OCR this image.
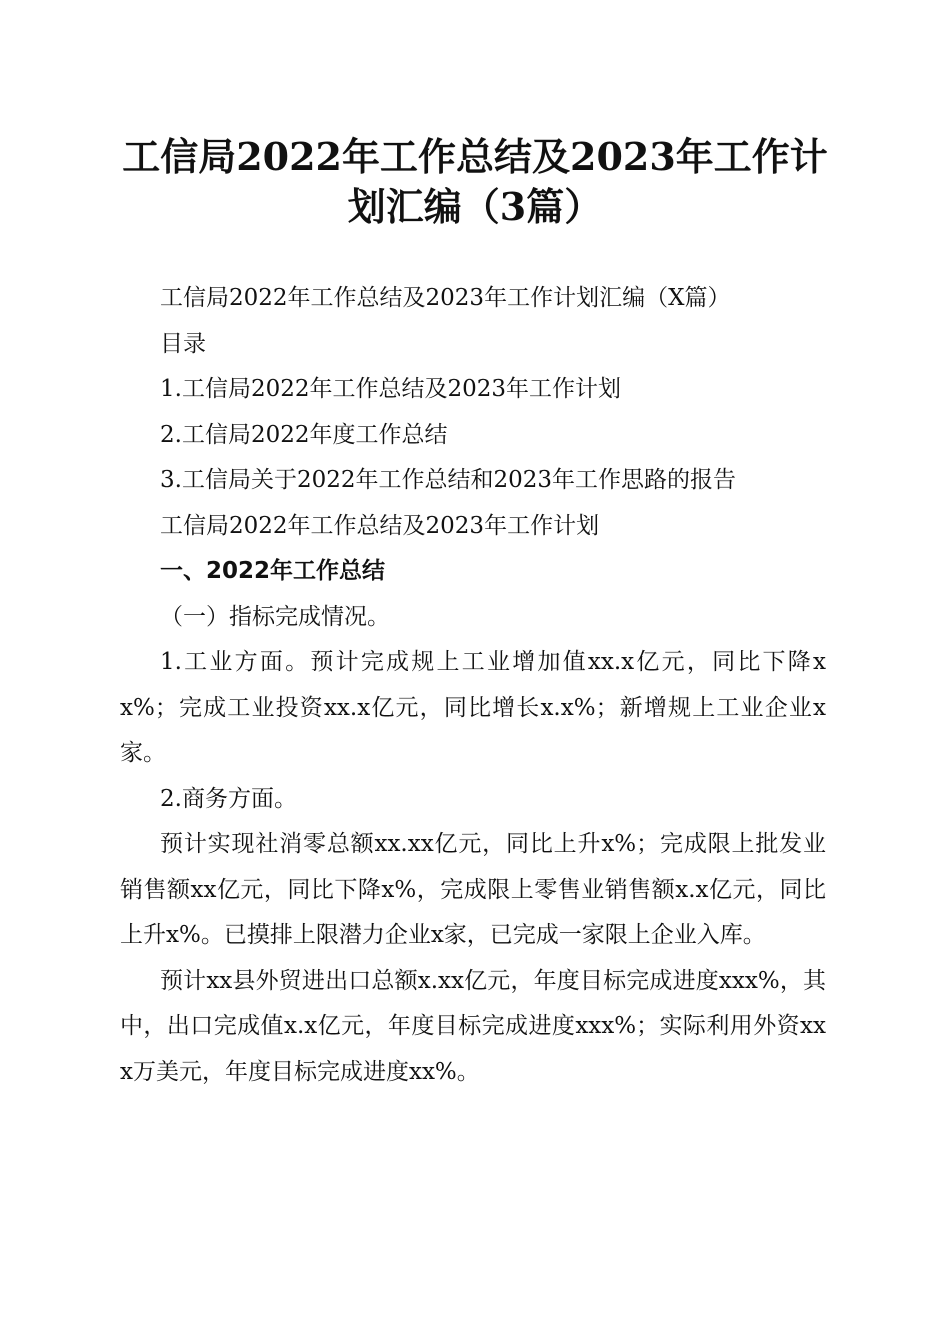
工信局2022年工作总结及2023年工作计划汇编（3篇）

工信局2022年工作总结及2023年工作计划汇编（X篇）

目录

1.工信局2022年工作总结及2023年工作计划

2.工信局2022年度工作总结

3.工信局关于2022年工作总结和2023年工作思路的报告

工信局2022年工作总结及2023年工作计划

一、2022年工作总结

（一）指标完成情况。

1.工业方面。预计完成规上工业增加值xx.x亿元，同比下降xx%；完成工业投资xx.x亿元，同比增长x.x%；新增规上工业企业x家。

2.商务方面。

预计实现社消零总额xx.xx亿元，同比上升x%；完成限上批发业销售额xx亿元，同比下降x%，完成限上零售业销售额x.x亿元，同比上升x%。已摸排上限潜力企业x家，已完成一家限上企业入库。

预计xx县外贸进出口总额x.xx亿元，年度目标完成进度xxx%，其中，出口完成值x.x亿元，年度目标完成进度xxx%；实际利用外资xxx万美元，年度目标完成进度xx%。
